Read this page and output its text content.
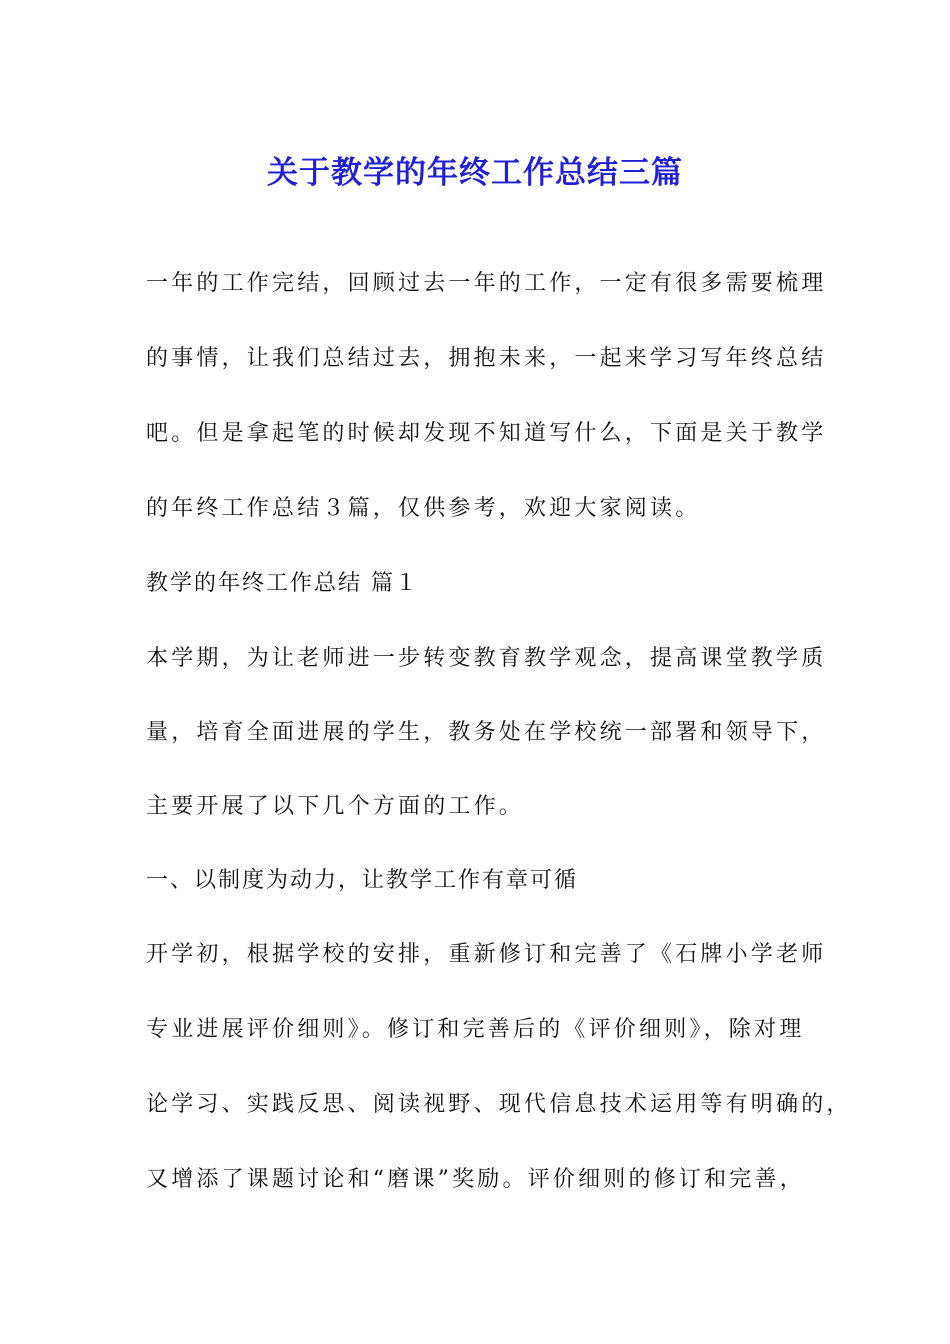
关于教学的年终工作总结三篇
一年的工作完结，回顾过去一年的工作，一定有很多需要梳理
的事情，让我们总结过去，拥抱未来，一起来学习写年终总结
吧。但是拿起笔的时候却发现不知道写什么，下面是关于教学
的年终工作总结３篇，仅供参考，欢迎大家阅读。
教学的年终工作总结 篇１
本学期，为让老师进一步转变教育教学观念，提高课堂教学质
量，培育全面进展的学生，教务处在学校统一部署和领导下，
主要开展了以下几个方面的工作。
一、以制度为动力，让教学工作有章可循
开学初，根据学校的安排，重新修订和完善了《石牌小学老师
专业进展评价细则》。修订和完善后的《评价细则》，除对理
论学习、实践反思、阅读视野、现代信息技术运用等有明确的，
又增添了课题讨论和“磨课”奖励。评价细则的修订和完善，
